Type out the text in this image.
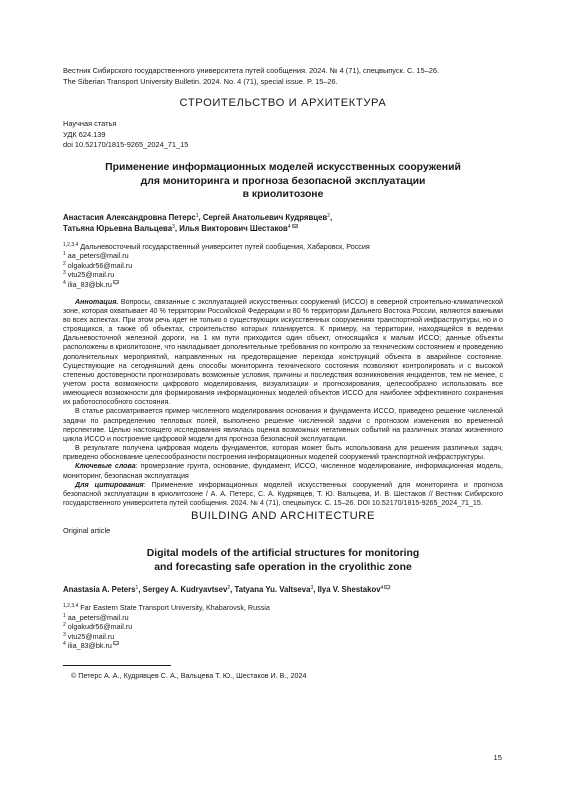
Вестник Сибирского государственного университета путей сообщения. 2024. № 4 (71), спецвыпуск. С. 15–26.
The Siberian Transport University Bulletin. 2024. No. 4 (71), special issue. P. 15–26.
СТРОИТЕЛЬСТВО И АРХИТЕКТУРА
Научная статья
УДК 624.139
doi 10.52170/1815-9265_2024_71_15
Применение информационных моделей искусственных сооружений
для мониторинга и прогноза безопасной эксплуатации
в криолитозоне
Анастасия Александровна Петерс$^1$, Сергей Анатольевич Кудрявцев$^2$,
Татьяна Юрьевна Вальцева$^3$, Илья Викторович Шестаков$^4$
$^{1,2,3,4}$ Дальневосточный государственный университет путей сообщения, Хабаровск, Россия
$^1$ aa_peters@mail.ru
$^2$ olgakudr56@mail.ru
$^3$ vtu25@mail.ru
$^4$ ilia_83@bk.ru

Аннотация. Вопросы, связанные с эксплуатацией искусственных сооружений (ИССО) в северной строительно-климатической зоне, которая охватывает 40 % территории Российской Федерации и 80 % территории Дальнего Востока России, являются важными во всех аспектах. При этом речь идет не только о существующих искусственных сооружениях транспортной инфраструктуры, но и о строящихся, а также об объектах, строительство которых планируется. К примеру, на территории, находящейся в ведении Дальневосточной железной дороги, на 1 км пути приходится один объект, относящийся к малым ИССО; данные объекты расположены в криолитозоне, что накладывает дополнительные требования по контролю за техническим состоянием и проведению дополнительных мероприятий, направленных на предотвращение перехода конструкций объекта в аварийное состояние. Существующие на сегодняшний день способы мониторинга технического состояния позволяют контролировать и с высокой степенью достоверности прогнозировать возможные условия, причины и последствия возникновения инцидентов, тем не менее, с учетом роста возможности цифрового моделирования, визуализации и прогнозирования, целесообразно использовать все имеющиеся возможности для формирования информационных моделей объектов ИССО для наиболее эффективного сохранения их работоспособного состояния.

В статье рассматривается пример численного моделирования основания и фундамента ИССО, приведено решение численной задачи по распределению тепловых полей, выполнено решение численной задачи с прогнозом изменения во временной перспективе. Целью настоящего исследования являлась оценка возможных негативных событий на различных этапах жизненного цикла ИССО и построение цифровой модели для прогноза безопасной эксплуатации.

В результате получена цифровая модель фундаментов, которая может быть использована для решения различных задач, приведено обоснование целесообразности построения информационных моделей сооружений транспортной инфраструктуры.

Ключевые слова: промерзание грунта, основание, фундамент, ИССО, численное моделирование, информационная модель, мониторинг, безопасная эксплуатация

Для цитирования: Применение информационных моделей искусственных сооружений для мониторинга и прогноза безопасной эксплуатации в криолитозоне / А. А. Петерс, С. А. Кудрявцев, Т. Ю. Вальцева, И. В. Шестаков // Вестник Сибирского государственного университета путей сообщения. 2024. № 4 (71), спецвыпуск. С. 15–26. DOI 10.52170/1815-9265_2024_71_15.

BUILDING AND ARCHITECTURE
Original article
Digital models of the artificial structures for monitoring
and forecasting safe operation in the cryolithic zone
Anastasia A. Peters$^1$, Sergey A. Kudryavtsev$^2$, Tatyana Yu. Valtseva$^3$, Ilya V. Shestakov$^4$
$^{1,2,3,4}$ Far Eastern State Transport University, Khabarovsk, Russia
$^1$ aa_peters@mail.ru
$^2$ olgakudr56@mail.ru
$^3$ vtu25@mail.ru
$^4$ ilia_83@bk.ru
© Петерс А. А., Кудрявцев С. А., Вальцева Т. Ю., Шестаков И. В., 2024
15
